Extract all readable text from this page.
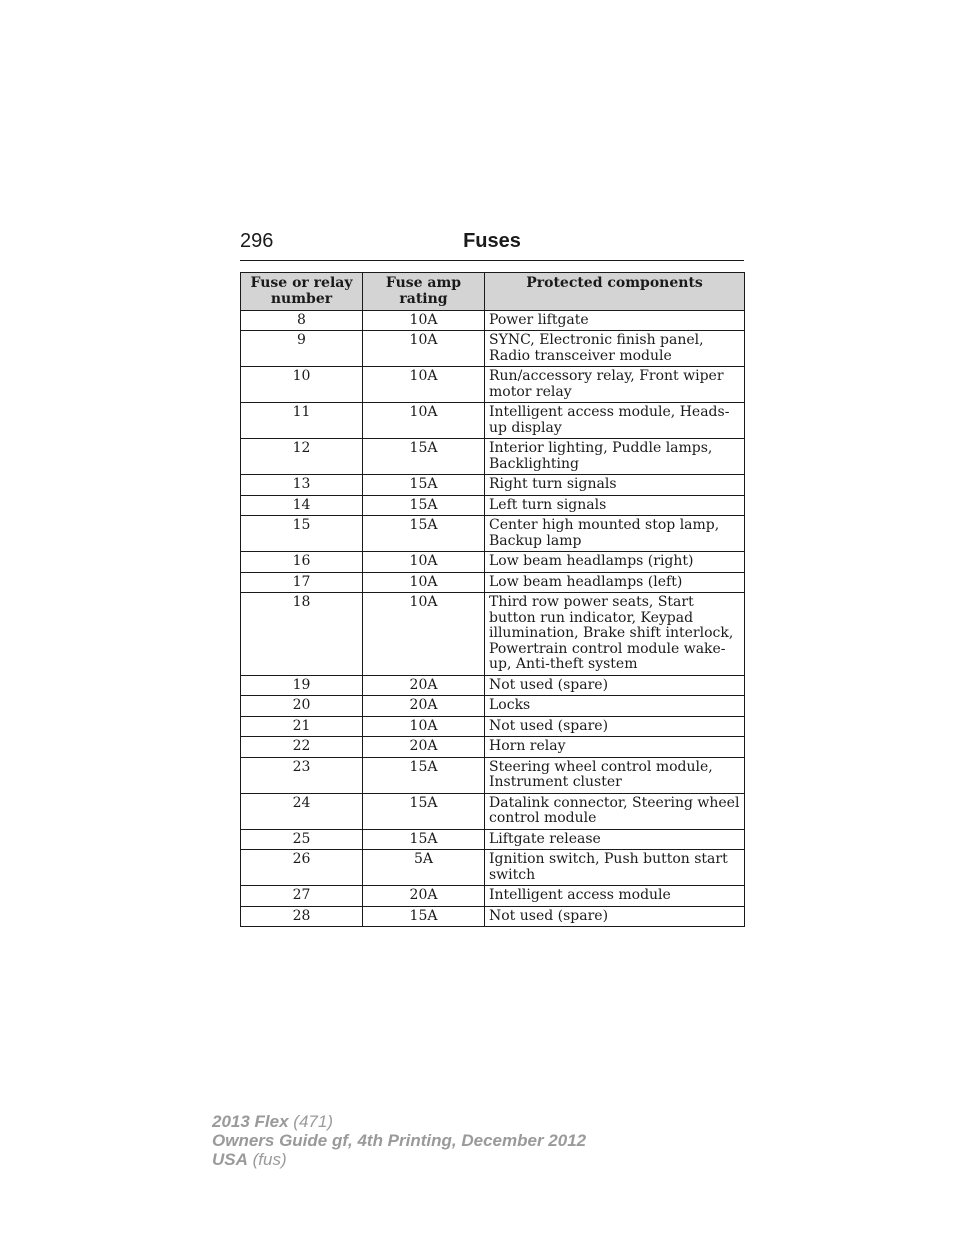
296	Fuses
Fuse or relay number	Fuse amp rating	Protected components
8	10A	Power liftgate
9	10A	SYNC, Electronic finish panel, Radio transceiver module
10	10A	Run/accessory relay, Front wiper motor relay
11	10A	Intelligent access module, Heads-up display
12	15A	Interior lighting, Puddle lamps, Backlighting
13	15A	Right turn signals
14	15A	Left turn signals
15	15A	Center high mounted stop lamp, Backup lamp
16	10A	Low beam headlamps (right)
17	10A	Low beam headlamps (left)
18	10A	Third row power seats, Start button run indicator, Keypad illumination, Brake shift interlock, Powertrain control module wake-up, Anti-theft system
19	20A	Not used (spare)
20	20A	Locks
21	10A	Not used (spare)
22	20A	Horn relay
23	15A	Steering wheel control module, Instrument cluster
24	15A	Datalink connector, Steering wheel control module
25	15A	Liftgate release
26	5A	Ignition switch, Push button start switch
27	20A	Intelligent access module
28	15A	Not used (spare)
2013 Flex (471)
Owners Guide gf, 4th Printing, December 2012
USA (fus)
